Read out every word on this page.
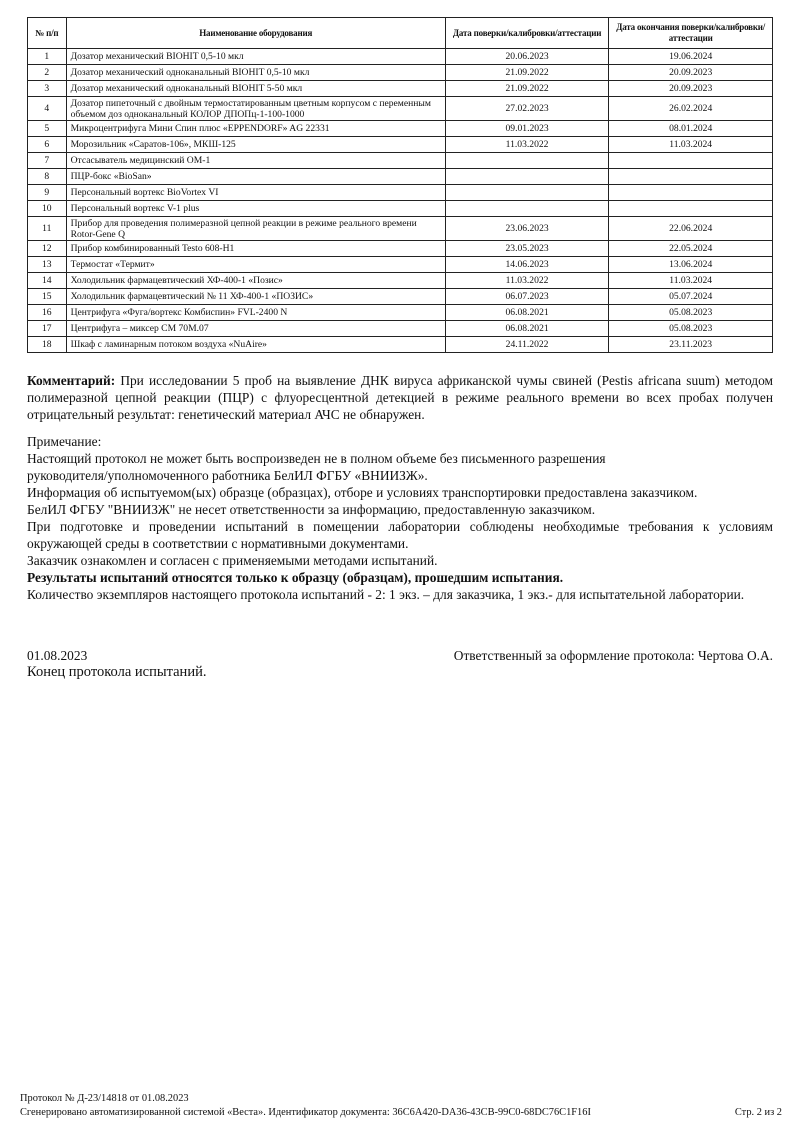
№ п/п	Наименование оборудования	Дата поверки/калибровки/аттестации	Дата окончания поверки/калибровки/аттестации
1	Дозатор механический BIOHIT 0,5-10 мкл	20.06.2023	19.06.2024
2	Дозатор механический одноканальный BIOHIT 0,5-10 мкл	21.09.2022	20.09.2023
3	Дозатор механический одноканальный BIOHIT 5-50 мкл	21.09.2022	20.09.2023
4	Дозатор пипеточный с двойным термостатированным цветным корпусом с переменным объемом доз одноканальный КОЛОР ДПОПц-1-100-1000	27.02.2023	26.02.2024
5	Микроцентрифуга Мини Спин плюс «EPPENDORF» AG 22331	09.01.2023	08.01.2024
6	Морозильник «Саратов-106», МКШ-125	11.03.2022	11.03.2024
7	Отсасыватель медицинский ОМ-1		
8	ПЦР-бокс «BioSan»		
9	Персональный вортекс BioVortex VI		
10	Персональный вортекс V-1 plus		
11	Прибор для проведения полимеразной цепной реакции в режиме реального времени Rotor-Gene Q	23.06.2023	22.06.2024
12	Прибор комбинированный Testo 608-H1	23.05.2023	22.05.2024
13	Термостат «Термит»	14.06.2023	13.06.2024
14	Холодильник фармацевтический ХФ-400-1 «Позис»	11.03.2022	11.03.2024
15	Холодильник фармацевтический № 11 ХФ-400-1 «ПОЗИС»	06.07.2023	05.07.2024
16	Центрифуга «Фуга/вортекс Комбиспин» FVL-2400 N	06.08.2021	05.08.2023
17	Центрифуга – миксер СМ 70М.07	06.08.2021	05.08.2023
18	Шкаф с ламинарным потоком воздуха «NuAire»	24.11.2022	23.11.2023
Комментарий: При исследовании 5 проб на выявление ДНК вируса африканской чумы свиней (Pestis africana suum) методом полимеразной цепной реакции (ПЦР) с флуоресцентной детекцией в режиме реального времени во всех пробах получен отрицательный результат: генетический материал АЧС не обнаружен.
Примечание:
Настоящий протокол не может быть воспроизведен не в полном объеме без письменного разрешения руководителя/уполномоченного работника БелИЛ ФГБУ «ВНИИЗЖ».
Информация об испытуемом(ых) образце (образцах), отборе и условиях транспортировки предоставлена заказчиком.
БелИЛ ФГБУ "ВНИИЗЖ" не несет ответственности за информацию, предоставленную заказчиком.
При подготовке и проведении испытаний в помещении лаборатории соблюдены необходимые требования к условиям окружающей среды в соответствии с нормативными документами.
Заказчик ознакомлен и согласен с применяемыми методами испытаний.
Результаты испытаний относятся только к образцу (образцам), прошедшим испытания.
Количество экземпляров настоящего протокола испытаний - 2: 1 экз. – для заказчика, 1 экз.- для испытательной лаборатории.
01.08.2023	Ответственный за оформление протокола: Чертова О.А.
Конец протокола испытаний.
Протокол № Д-23/14818 от 01.08.2023
Сгенерировано автоматизированной системой «Веста». Идентификатор документа: 36C6A420-DA36-43CB-99C0-68DC76C1F16I	Стр. 2 из 2
